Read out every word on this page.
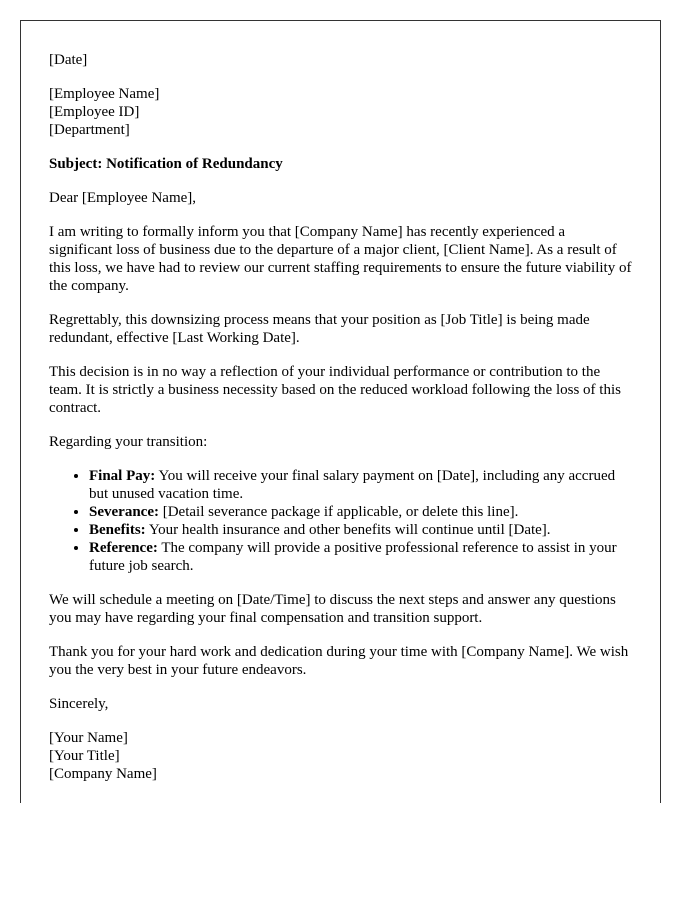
[Date]

[Employee Name]
[Employee ID]
[Department]

Subject: Notification of Redundancy

Dear [Employee Name],

I am writing to formally inform you that [Company Name] has recently experienced a significant loss of business due to the departure of a major client, [Client Name]. As a result of this loss, we have had to review our current staffing requirements to ensure the future viability of the company.

Regrettably, this downsizing process means that your position as [Job Title] is being made redundant, effective [Last Working Date].

This decision is in no way a reflection of your individual performance or contribution to the team. It is strictly a business necessity based on the reduced workload following the loss of this contract.

Regarding your transition:

• Final Pay: You will receive your final salary payment on [Date], including any accrued but unused vacation time.
• Severance: [Detail severance package if applicable, or delete this line].
• Benefits: Your health insurance and other benefits will continue until [Date].
• Reference: The company will provide a positive professional reference to assist in your future job search.

We will schedule a meeting on [Date/Time] to discuss the next steps and answer any questions you may have regarding your final compensation and transition support.

Thank you for your hard work and dedication during your time with [Company Name]. We wish you the very best in your future endeavors.

Sincerely,

[Your Name]
[Your Title]
[Company Name]
